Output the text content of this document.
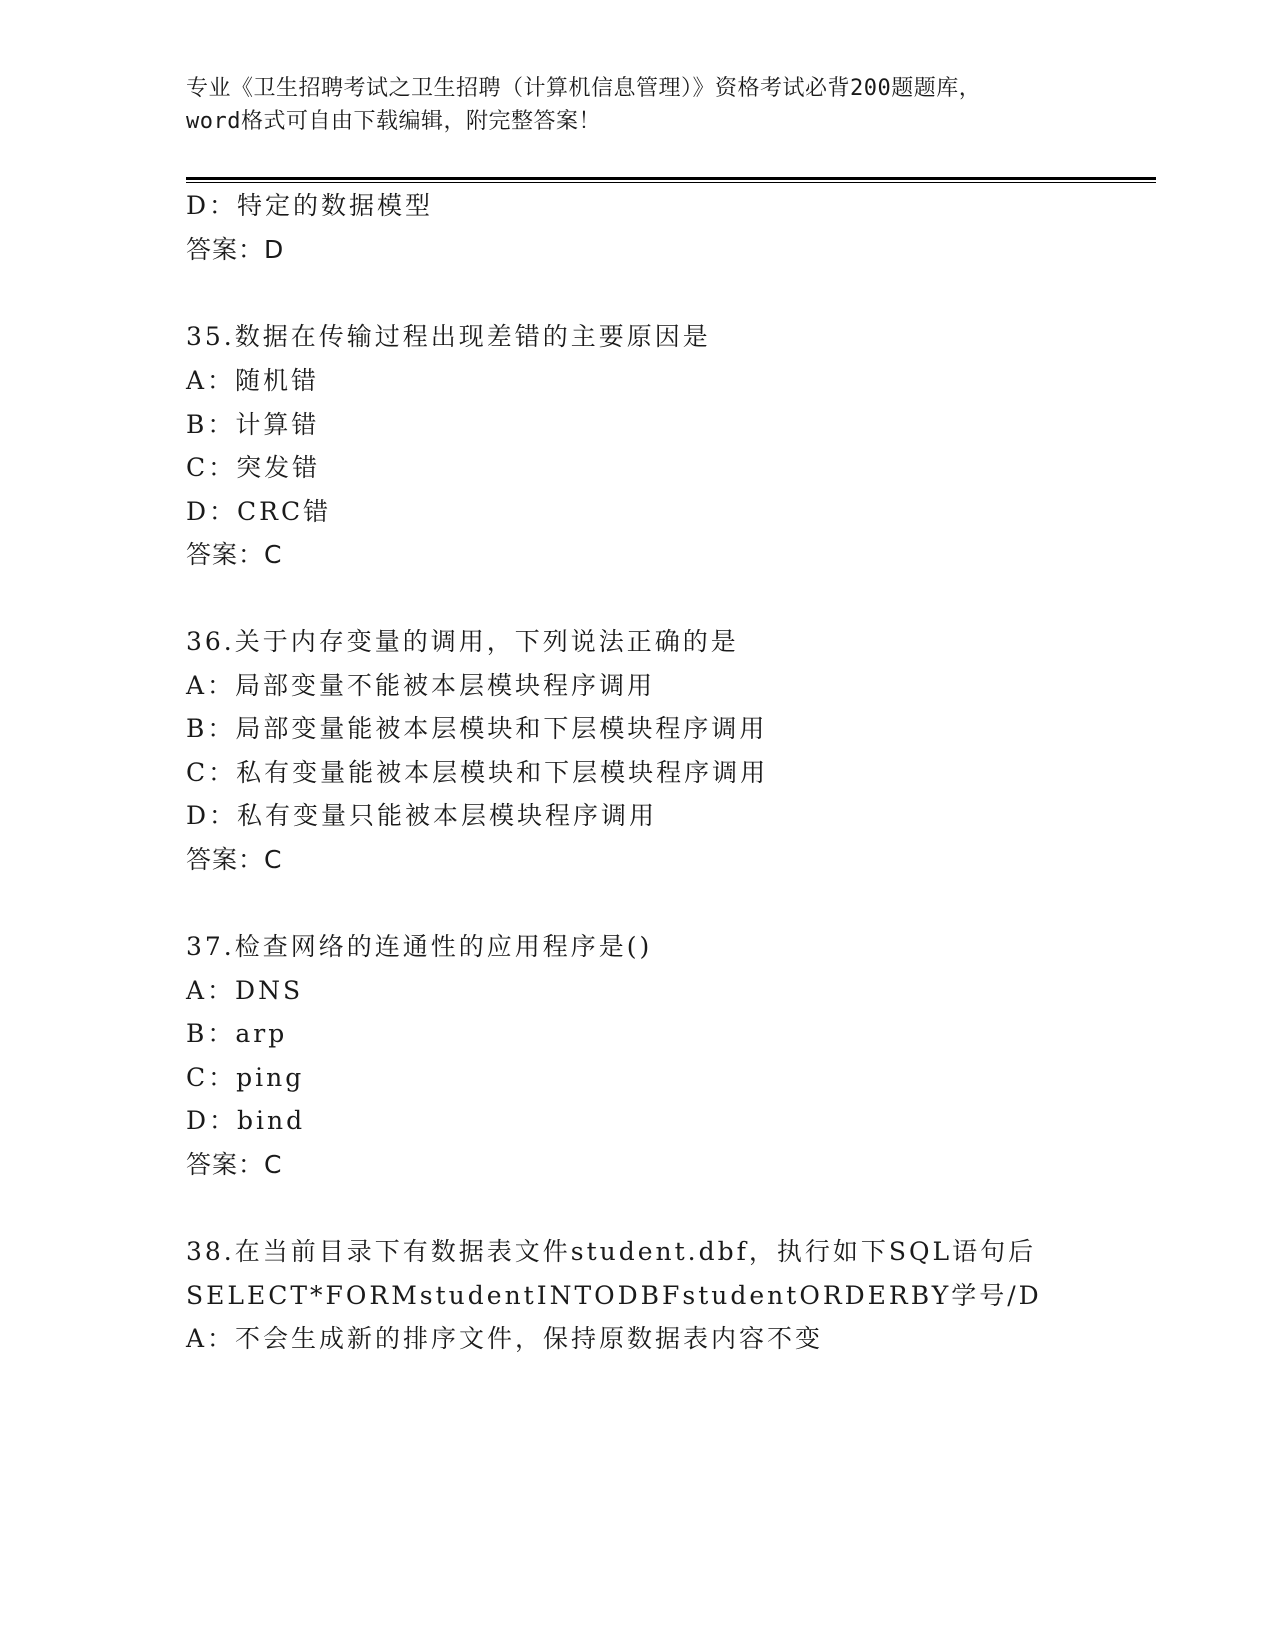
专业《卫生招聘考试之卫生招聘（计算机信息管理）》资格考试必背200题题库，
word格式可自由下载编辑，附完整答案！
D：特定的数据模型
答案：D
35.数据在传输过程出现差错的主要原因是
A：随机错
B：计算错
C：突发错
D：CRC错
答案：C
36.关于内存变量的调用，下列说法正确的是
A：局部变量不能被本层模块程序调用
B：局部变量能被本层模块和下层模块程序调用
C：私有变量能被本层模块和下层模块程序调用
D：私有变量只能被本层模块程序调用
答案：C
37.检查网络的连通性的应用程序是()
A：DNS
B：arp
C：ping
D：bind
答案：C
38.在当前目录下有数据表文件student.dbf，执行如下SQL语句后
SELECT*FORMstudentINTODBFstudentORDERBY学号/D
A：不会生成新的排序文件，保持原数据表内容不变
